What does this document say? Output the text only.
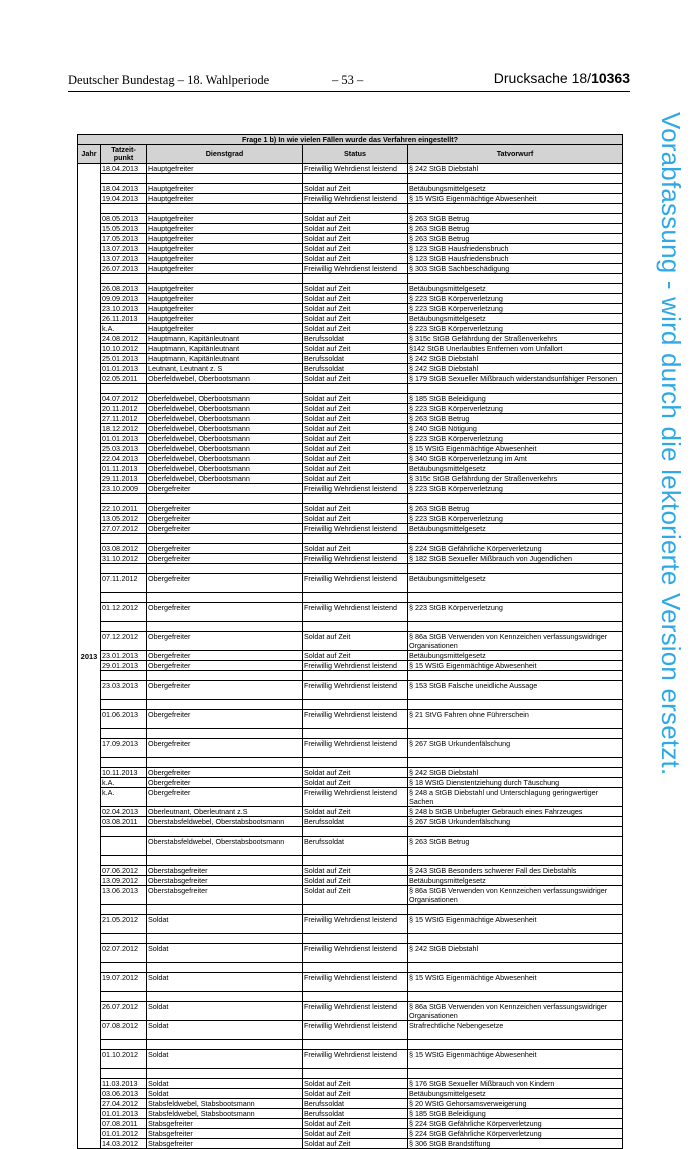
Deutscher Bundestag – 18. Wahlperiode	– 53 –	Drucksache 18/10363
Vorabfassung - wird durch die lektorierte Version ersetzt.
Frage 1 b) In wie vielen Fällen wurde das Verfahren eingestellt?				
Jahr	Tatzeit-punkt	Dienstgrad	Status	Tatvorwurf
2013	18.04.2013	Hauptgefreiter	Freiwillig Wehrdienst leistend	§ 242 StGB Diebstahl

	18.04.2013	Hauptgefreiter	Soldat auf Zeit	Betäubungsmittelgesetz
	19.04.2013	Hauptgefreiter	Freiwillig Wehrdienst leistend	§ 15 WStG Eigenmächtige Abwesenheit

	08.05.2013	Hauptgefreiter	Soldat auf Zeit	§ 263 StGB Betrug
	15.05.2013	Hauptgefreiter	Soldat auf Zeit	§ 263 StGB Betrug
	17.05.2013	Hauptgefreiter	Soldat auf Zeit	§ 263 StGB Betrug
	13.07.2013	Hauptgefreiter	Soldat auf Zeit	§ 123 StGB Hausfriedensbruch
	13.07.2013	Hauptgefreiter	Soldat auf Zeit	§ 123 StGB Hausfriedensbruch
	26.07.2013	Hauptgefreiter	Freiwillig Wehrdienst leistend	§ 303 StGB Sachbeschädigung

	26.08.2013	Hauptgefreiter	Soldat auf Zeit	Betäubungsmittelgesetz
	09.09.2013	Hauptgefreiter	Soldat auf Zeit	§ 223 StGB Körperverletzung
	23.10.2013	Hauptgefreiter	Soldat auf Zeit	§ 223 StGB Körperverletzung
	26.11.2013	Hauptgefreiter	Soldat auf Zeit	Betäubungsmittelgesetz
	k.A.	Hauptgefreiter	Soldat auf Zeit	§ 223 StGB Körperverletzung
	24.08.2012	Hauptmann, Kapitänleutnant	Berufssoldat	§ 315c StGB Gefährdung der Straßenverkehrs
	10.10.2012	Hauptmann, Kapitänleutnant	Soldat auf Zeit	§142 StGB Unerlaubtes Entfernen vom Unfallort
	25.01.2013	Hauptmann, Kapitänleutnant	Berufssoldat	§ 242 StGB Diebstahl
	01.01.2013	Leutnant, Leutnant z. S	Berufssoldat	§ 242 StGB Diebstahl
	02.05.2011	Oberfeldwebel, Oberbootsmann	Soldat auf Zeit	§ 179 StGB Sexueller Mißbrauch widerstandsunfähiger Personen

	04.07.2012	Oberfeldwebel, Oberbootsmann	Soldat auf Zeit	§ 185 StGB Beleidigung
	20.11.2012	Oberfeldwebel, Oberbootsmann	Soldat auf Zeit	§ 223 StGB Körperverletzung
	27.11.2012	Oberfeldwebel, Oberbootsmann	Soldat auf Zeit	§ 263 StGB Betrug
	18.12.2012	Oberfeldwebel, Oberbootsmann	Soldat auf Zeit	§ 240 StGB Nötigung
	01.01.2013	Oberfeldwebel, Oberbootsmann	Soldat auf Zeit	§ 223 StGB Körperverletzung
	25.03.2013	Oberfeldwebel, Oberbootsmann	Soldat auf Zeit	§ 15 WStG Eigenmächtige Abwesenheit
	22.04.2013	Oberfeldwebel, Oberbootsmann	Soldat auf Zeit	§ 340 StGB Körperverletzung im Amt
	01.11.2013	Oberfeldwebel, Oberbootsmann	Soldat auf Zeit	Betäubungsmittelgesetz
	29.11.2013	Oberfeldwebel, Oberbootsmann	Soldat auf Zeit	§ 315c StGB Gefährdung der Straßenverkehrs
	23.10.2009	Obergefreiter	Freiwillig Wehrdienst leistend	§ 223 StGB Körperverletzung

	22.10.2011	Obergefreiter	Soldat auf Zeit	§ 263 StGB Betrug
	13.05.2012	Obergefreiter	Soldat auf Zeit	§ 223 StGB Körperverletzung
	27.07.2012	Obergefreiter	Freiwillig Wehrdienst leistend	Betäubungsmittelgesetz

	03.08.2012	Obergefreiter	Soldat auf Zeit	§ 224 StGB Gefährliche Körperverletzung
	31.10.2012	Obergefreiter	Freiwillig Wehrdienst leistend	§ 182 StGB Sexueller Mißbrauch von Jugendlichen

	07.11.2012	Obergefreiter	Freiwillig Wehrdienst leistend	Betäubungsmittelgesetz

	01.12.2012	Obergefreiter	Freiwillig Wehrdienst leistend	§ 223 StGB Körperverletzung

	07.12.2012	Obergefreiter	Soldat auf Zeit	§ 86a StGB Verwenden von Kennzeichen verfassungswidriger Organisationen
	23.01.2013	Obergefreiter	Soldat auf Zeit	Betäubungsmittelgesetz
	29.01.2013	Obergefreiter	Freiwillig Wehrdienst leistend	§ 15 WStG Eigenmächtige Abwesenheit

	23.03.2013	Obergefreiter	Freiwillig Wehrdienst leistend	§ 153 StGB Falsche uneidliche Aussage

	01.06.2013	Obergefreiter	Freiwillig Wehrdienst leistend	§ 21 StVG Fahren ohne Führerschein

	17.09.2013	Obergefreiter	Freiwillig Wehrdienst leistend	§ 267 StGB Urkundenfälschung

	10.11.2013	Obergefreiter	Soldat auf Zeit	§ 242 StGB Diebstahl
	k.A.	Obergefreiter	Soldat auf Zeit	§ 18 WStG Dienstentziehung durch Täuschung
	k.A.	Obergefreiter	Freiwillig Wehrdienst leistend	§ 248 a StGB Diebstahl und Unterschlagung geringwertiger Sachen
	02.04.2013	Oberleutnant, Oberleutnant z.S	Soldat auf Zeit	§ 248 b StGB Unbefugter Gebrauch eines Fahrzeuges
	03.08.2011	Oberstabsfeldwebel, Oberstabsbootsmann	Berufssoldat	§ 267 StGB Urkundenfälschung

		Oberstabsfeldwebel, Oberstabsbootsmann	Berufssoldat	§ 263 StGB Betrug

	07.06.2012	Oberstabsgefreiter	Soldat auf Zeit	§ 243 StGB Besonders schwerer Fall des Diebstahls
	13.09.2012	Oberstabsgefreiter	Soldat auf Zeit	Betäubungsmittelgesetz
	13.06.2013	Oberstabsgefreiter	Soldat auf Zeit	§ 86a StGB Verwenden von Kennzeichen verfassungswidriger Organisationen

	21.05.2012	Soldat	Freiwillig Wehrdienst leistend	§ 15 WStG Eigenmächtige Abwesenheit

	02.07.2012	Soldat	Freiwillig Wehrdienst leistend	§ 242 StGB Diebstahl

	19.07.2012	Soldat	Freiwillig Wehrdienst leistend	§ 15 WStG Eigenmächtige Abwesenheit

	26.07.2012	Soldat	Freiwillig Wehrdienst leistend	§ 86a StGB Verwenden von Kennzeichen verfassungswidriger Organisationen
	07.08.2012	Soldat	Freiwillig Wehrdienst leistend	Strafrechtliche Nebengesetze

	01.10.2012	Soldat	Freiwillig Wehrdienst leistend	§ 15 WStG Eigenmächtige Abwesenheit

	11.03.2013	Soldat	Soldat auf Zeit	§ 176 StGB Sexueller Mißbrauch von Kindern
	03.06.2013	Soldat	Soldat auf Zeit	Betäubungsmittelgesetz
	27.04.2012	Stabsfeldwebel, Stabsbootsmann	Berufssoldat	§ 20 WStG Gehorsamsverweigerung
	01.01.2013	Stabsfeldwebel, Stabsbootsmann	Berufssoldat	§ 185 StGB Beleidigung
	07.08.2011	Stabsgefreiter	Soldat auf Zeit	§ 224 StGB Gefährliche Körperverletzung
	01.01.2012	Stabsgefreiter	Soldat auf Zeit	§ 224 StGB Gefährliche Körperverletzung
	14.03.2012	Stabsgefreiter	Soldat auf Zeit	§ 306 StGB Brandstiftung
